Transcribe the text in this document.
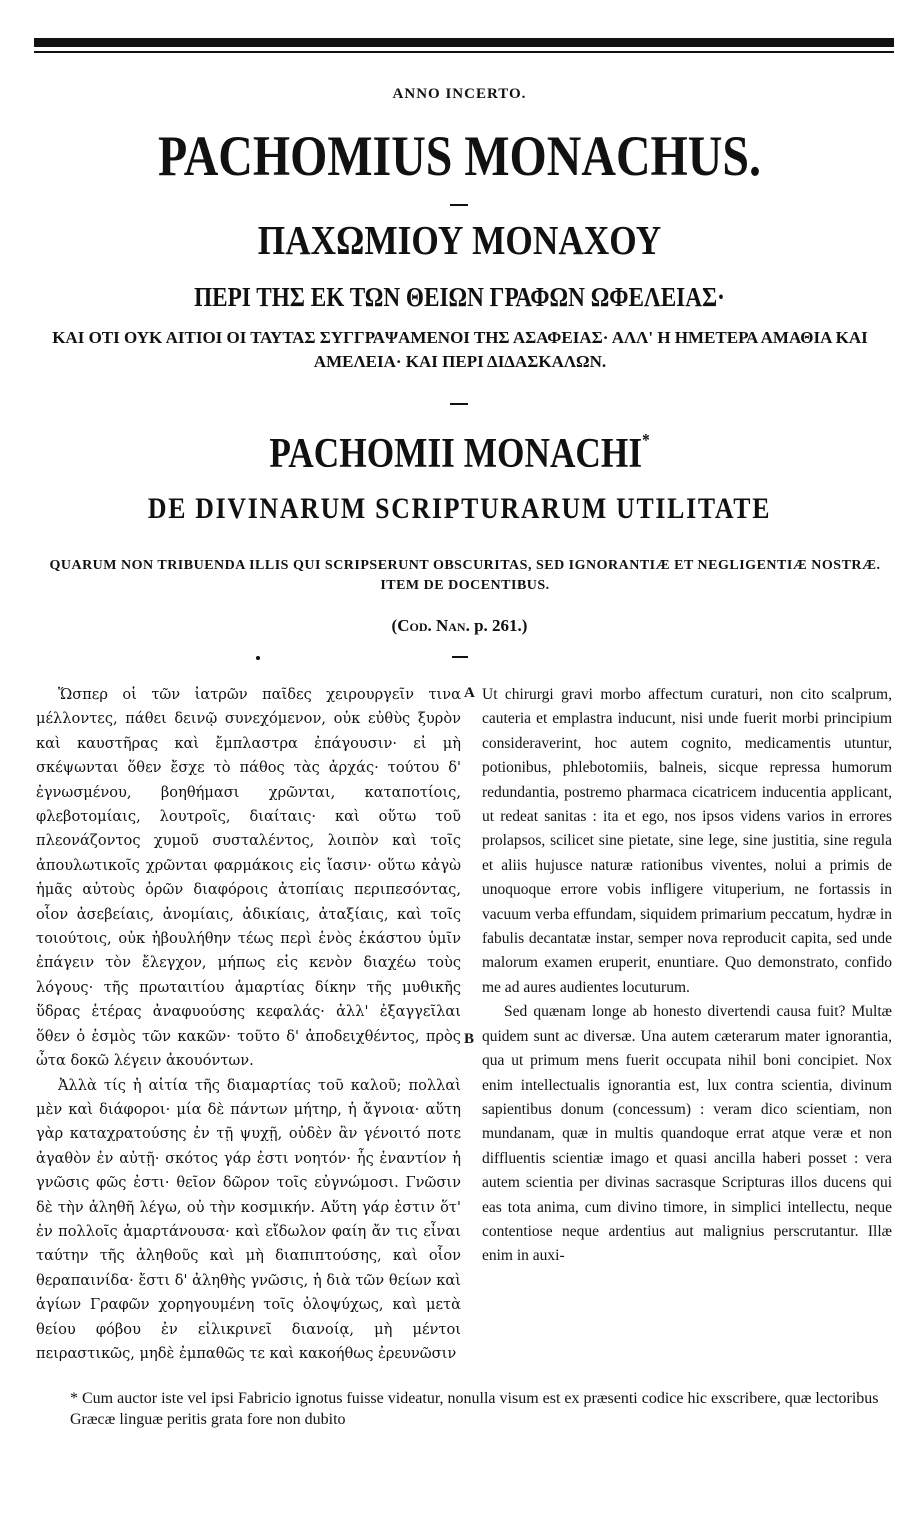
ANNO INCERTO.
PACHOMIUS MONACHUS.
ΠΑΧΩΜΙΟΥ ΜΟΝΑΧΟΥ
ΠΕΡΙ ΤΗΣ ΕΚ ΤΩΝ ΘΕΙΩΝ ΓΡΑΦΩΝ ΩΦΕΛΕΙΑΣ·
ΚΑΙ ΟΤΙ ΟΥΚ ΑΙΤΙΟΙ ΟΙ ΤΑΥΤΑΣ ΣΥΓΓΡΑΨΑΜΕΝΟΙ ΤΗΣ ΑΣΑΦΕΙΑΣ· ΑΛΛ' Η ΗΜΕΤΕΡΑ ΑΜΑΘΙΑ ΚΑΙ ΑΜΕΛΕΙΑ· ΚΑΙ ΠΕΡΙ ΔΙΔΑΣΚΑΛΩΝ.
PACHOMII MONACHI*
DE DIVINARUM SCRIPTURARUM UTILITATE
QUARUM NON TRIBUENDA ILLIS QUI SCRIPSERUNT OBSCURITAS, SED IGNORANTIÆ ET NEGLIGENTIÆ NOSTRÆ. ITEM DE DOCENTIBUS.
(Cod. Nan. p. 261.)

Ὥσπερ οἱ τῶν ἰατρῶν παῖδες χειρουργεῖν τινα μέλλοντες, πάθει δεινῷ συνεχόμενον, οὐκ εὐθὺς ξυρὸν καὶ καυστῆρας καὶ ἔμπλαστρα ἐπάγουσιν· εἰ μὴ σκέψωνται ὅθεν ἔσχε τὸ πάθος τὰς ἀρχάς· τούτου δ' ἐγνωσμένου, βοηθήμασι χρῶνται, καταποτίοις, φλεβοτομίαις, λουτροῖς, διαίταις· καὶ οὕτω τοῦ πλεονάζοντος χυμοῦ συσταλέντος, λοιπὸν καὶ τοῖς ἀπουλωτικοῖς χρῶνται φαρμάκοις εἰς ἴασιν· οὕτω κἀγὼ ἡμᾶς αὐτοὺς ὁρῶν διαφόροις ἀτοπίαις περιπεσόντας, οἷον ἀσεβείαις, ἀνομίαις, ἀδικίαις, ἀταξίαις, καὶ τοῖς τοιούτοις, οὐκ ἠβουλήθην τέως περὶ ἑνὸς ἑκάστου ὑμῖν ἐπάγειν τὸν ἔλεγχον, μήπως εἰς κενὸν διαχέω τοὺς λόγους· τῆς πρωταιτίου ἁμαρτίας δίκην τῆς μυθικῆς ὕδρας ἑτέρας ἀναφυούσης κεφαλάς· ἀλλ' ἐξαγγεῖλαι ὅθεν ὁ ἑσμὸς τῶν κακῶν· τοῦτο δ' ἀποδειχθέντος, πρὸς ὦτα δοκῶ λέγειν ἀκουόντων.

Ἀλλὰ τίς ἡ αἰτία τῆς διαμαρτίας τοῦ καλοῦ; πολλαὶ μὲν καὶ διάφοροι· μία δὲ πάντων μήτηρ, ἡ ἄγνοια· αὕτη γὰρ καταχρατούσης ἐν τῇ ψυχῇ, οὐδὲν ἂν γένοιτό ποτε ἀγαθὸν ἐν αὐτῇ· σκότος γάρ ἐστι νοητόν· ἧς ἐναντίον ἡ γνῶσις φῶς ἐστι· θεῖον δῶρον τοῖς εὐγνώμοσι. Γνῶσιν δὲ τὴν ἀληθῆ λέγω, οὐ τὴν κοσμικήν. Αὕτη γάρ ἐστιν ὅτ' ἐν πολλοῖς ἁμαρτάνουσα· καὶ εἴδωλον φαίη ἄν τις εἶναι ταύτην τῆς ἀληθοῦς καὶ μὴ διαπιπτούσης, καὶ οἷον θεραπαινίδα· ἔστι δ' ἀληθὴς γνῶσις, ἡ διὰ τῶν θείων καὶ ἁγίων Γραφῶν χορηγουμένη τοῖς ὁλοψύχως, καὶ μετὰ θείου φόβου ἐν εἰλικρινεῖ διανοίᾳ, μὴ μέντοι πειραστικῶς, μηδὲ ἐμπαθῶς τε καὶ κακοήθως ἐρευνῶσιν

A
B

Ut chirurgi gravi morbo affectum curaturi, non cito scalprum, cauteria et emplastra inducunt, nisi unde fuerit morbi principium consideraverint, hoc autem cognito, medicamentis utuntur, potionibus, phlebotomiis, balneis, sicque repressa humorum redundantia, postremo pharmaca cicatricem inducentia applicant, ut redeat sanitas : ita et ego, nos ipsos videns varios in errores prolapsos, scilicet sine pietate, sine lege, sine justitia, sine regula et aliis hujusce naturæ rationibus viventes, nolui a primis de unoquoque errore vobis infligere vituperium, ne fortassis in vacuum verba effundam, siquidem primarium peccatum, hydræ in fabulis decantatæ instar, semper nova reproducit capita, sed unde malorum examen eruperit, enuntiare. Quo demonstrato, confido me ad aures audientes locuturum.

Sed quænam longe ab honesto divertendi causa fuit? Multæ quidem sunt ac diversæ. Una autem cæterarum mater ignorantia, qua ut primum mens fuerit occupata nihil boni concipiet. Nox enim intellectualis ignorantia est, lux contra scientia, divinum sapientibus donum (concessum) : veram dico scientiam, non mundanam, quæ in multis quandoque errat atque veræ et non diffluentis scientiæ imago et quasi ancilla haberi posset : vera autem scientia per divinas sacrasque Scripturas illos ducens qui eas tota anima, cum divino timore, in simplici intellectu, neque contentiose neque ardentius aut malignius perscrutantur. Illæ enim in auxi-

* Cum auctor iste vel ipsi Fabricio ignotus fuisse videatur, nonulla visum est ex præsenti codice hic exscribere, quæ lectoribus Græcæ linguæ peritis grata fore non dubito
